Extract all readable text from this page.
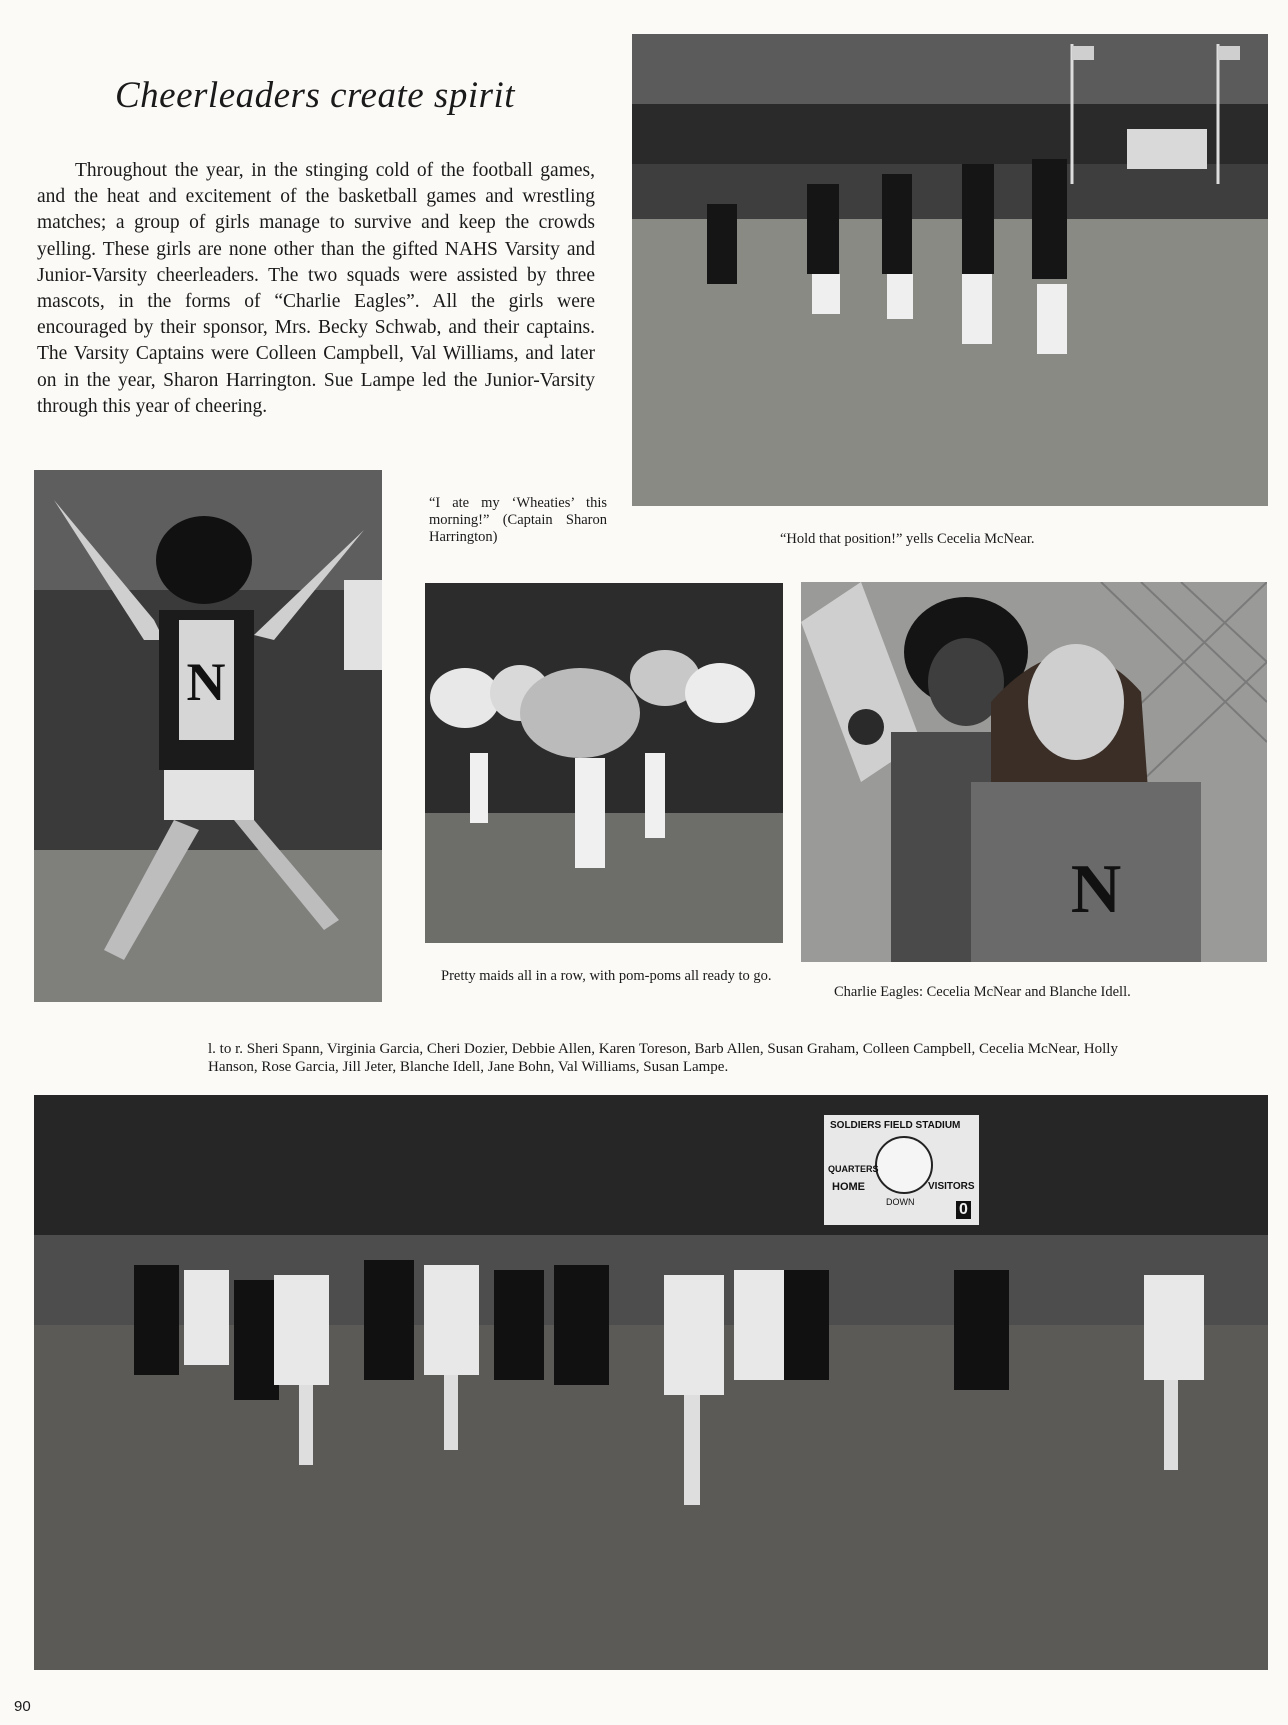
Cheerleaders create spirit
Throughout the year, in the stinging cold of the football games, and the heat and excitement of the basketball games and wrestling matches; a group of girls manage to survive and keep the crowds yelling. These girls are none other than the gifted NAHS Varsity and Junior-Varsity cheerleaders. The two squads were assisted by three mascots, in the forms of “Charlie Eagles”. All the girls were encouraged by their sponsor, Mrs. Becky Schwab, and their captains. The Varsity Captains were Colleen Campbell, Val Williams, and later on in the year, Sharon Harrington. Sue Lampe led the Junior-Varsity through this year of cheering.
“Hold that position!” yells Cecelia McNear.
N
“I ate my ‘Wheaties’ this morning!” (Captain Sharon Harrington)
Pretty maids all in a row, with pom-poms all ready to go.
N
Charlie Eagles: Cecelia McNear and Blanche Idell.
l. to r. Sheri Spann, Virginia Garcia, Cheri Dozier, Debbie Allen, Karen Toreson, Barb Allen, Susan Graham, Colleen Campbell, Cecelia McNear, Holly Hanson, Rose Garcia, Jill Jeter, Blanche Idell, Jane Bohn, Val Williams, Susan Lampe.
SOLDIERS FIELD STADIUM
QUARTERS
HOME	VISITORS
DOWN	0
90
